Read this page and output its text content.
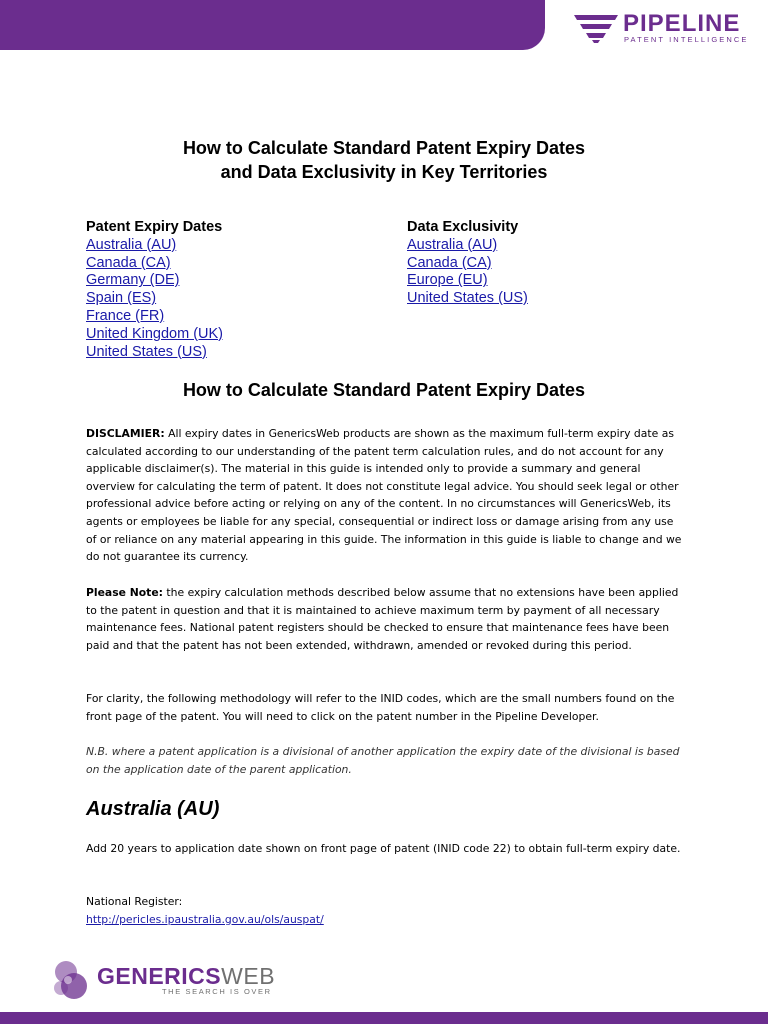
PIPELINE
PATENT INTELLIGENCE
How to Calculate Standard Patent Expiry Dates
and Data Exclusivity in Key Territories
Patent Expiry Dates
Australia (AU)
Canada (CA)
Germany (DE)
Spain (ES)
France (FR)
United Kingdom (UK)
United States (US)
Data Exclusivity
Australia (AU)
Canada (CA)
Europe (EU)
United States (US)
How to Calculate Standard Patent Expiry Dates

DISCLAMIER: All expiry dates in GenericsWeb products are shown as the maximum full-term expiry date as calculated according to our understanding of the patent term calculation rules, and do not account for any applicable disclaimer(s). The material in this guide is intended only to provide a summary and general overview for calculating the term of patent. It does not constitute legal advice. You should seek legal or other professional advice before acting or relying on any of the content. In no circumstances will GenericsWeb, its agents or employees be liable for any special, consequential or indirect loss or damage arising from any use of or reliance on any material appearing in this guide. The information in this guide is liable to change and we do not guarantee its currency.

Please Note: the expiry calculation methods described below assume that no extensions have been applied to the patent in question and that it is maintained to achieve maximum term by payment of all necessary maintenance fees. National patent registers should be checked to ensure that maintenance fees have been paid and that the patent has not been extended, withdrawn, amended or revoked during this period.

For clarity, the following methodology will refer to the INID codes, which are the small numbers found on the front page of the patent. You will need to click on the patent number in the Pipeline Developer.

N.B. where a patent application is a divisional of another application the expiry date of the divisional is based on the application date of the parent application.

Australia (AU)

Add 20 years to application date shown on front page of patent (INID code 22) to obtain full-term expiry date.

National Register:
http://pericles.ipaustralia.gov.au/ols/auspat/

GENERICSWEB
THE SEARCH IS OVER
